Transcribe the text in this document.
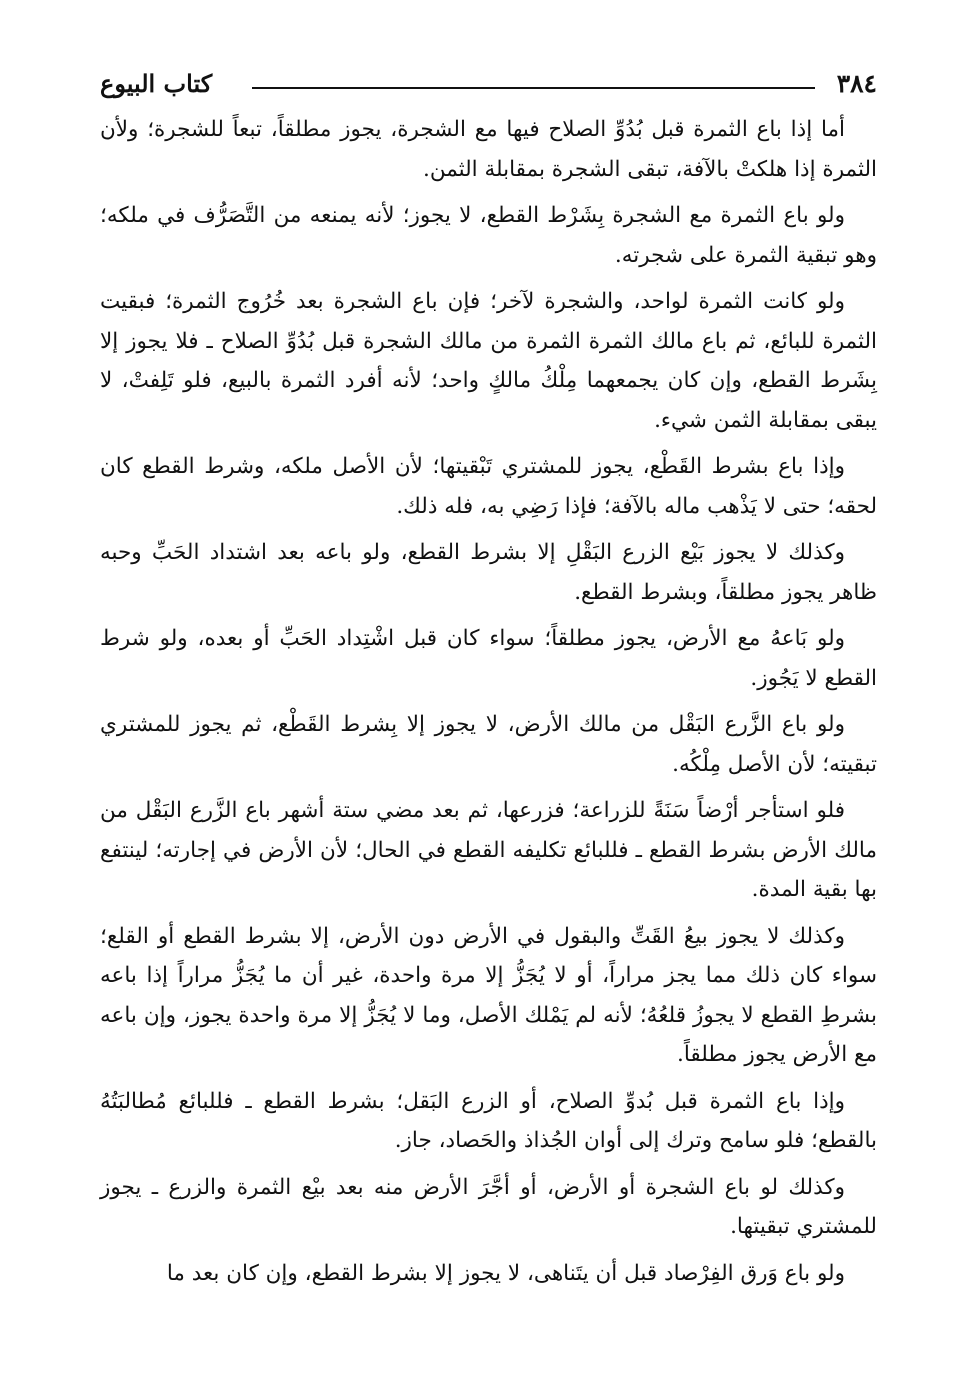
٣٨٤
كتاب البيوع

أما إذا باع الثمرة قبل بُدُوِّ الصلاح فيها مع الشجرة، يجوز مطلقاً، تبعاً للشجرة؛ ولأن الثمرة إذا هلكتْ بالآفة، تبقى الشجرة بمقابلة الثمن.

ولو باع الثمرة مع الشجرة بِشَرْط القطع، لا يجوز؛ لأنه يمنعه من التَّصَرُّف في ملكه؛ وهو تبقية الثمرة على شجرته.

ولو كانت الثمرة لواحد، والشجرة لآخر؛ فإن باع الشجرة بعد خُرُوج الثمرة؛ فبقيت الثمرة للبائع، ثم باع مالك الثمرة الثمرة من مالك الشجرة قبل بُدُوِّ الصلاح ـ فلا يجوز إلا بِشَرط القطع، وإن كان يجمعهما مِلْكُ مالكٍ واحد؛ لأنه أفرد الثمرة بالبيع، فلو تَلِفتْ، لا يبقى بمقابلة الثمن شيء.

وإذا باع بشرط القَطْع، يجوز للمشتري تَبْقيتها؛ لأن الأصل ملكه، وشرط القطع كان لحقه؛ حتى لا يَذْهب ماله بالآفة؛ فإذا رَضِي به، فله ذلك.

وكذلك لا يجوز بَيْع الزرع البَقْلِ إلا بشرط القطع، ولو باعه بعد اشتداد الحَبِّ وحبه ظاهر يجوز مطلقاً، وبشرط القطع.

ولو بَاعهُ مع الأرض، يجوز مطلقاً؛ سواء كان قبل اشْتِداد الحَبِّ أو بعده، ولو شرط القطع لا يَجُوز.

ولو باع الزَّرع البَقْل من مالك الأرض، لا يجوز إلا بِشرط القَطْع، ثم يجوز للمشتري تبقيته؛ لأن الأصل مِلْكُه.

فلو استأجر أرْضاً سَنَةً للزراعة؛ فزرعها، ثم بعد مضي ستة أشهر باع الزَّرع البَقْل من مالك الأرض بشرط القطع ـ فللبائع تكليفه القطع في الحال؛ لأن الأرض في إجارته؛ لينتفع بها بقية المدة.

وكذلك لا يجوز بيعُ القَتِّ والبقول في الأرض دون الأرض، إلا بشرط القطع أو القلع؛ سواء كان ذلك مما يجز مراراً، أو لا يُجَزُّ إلا مرة واحدة، غير أن ما يُجَزُّ مراراً إذا باعه بشرطِ القطع لا يجوزُ قلعُهُ؛ لأنه لم يَمْلك الأصل، وما لا يُجَزُّ إلا مرة واحدة يجوز، وإن باعه مع الأرض يجوز مطلقاً.

وإذا باع الثمرة قبل بُدوِّ الصلاح، أو الزرع البَقل؛ بشرط القطع ـ فللبائع مُطالبَتُهُ بالقطع؛ فلو سامح وترك إلى أوان الجُذاذ والحَصاد، جاز.

وكذلك لو باع الشجرة أو الأرض، أو أجَّرَ الأرض منه بعد بيْع الثمرة والزرع ـ يجوز للمشتري تبقيتها.

ولو باع وَرق الفِرْصاد قبل أن يتَناهى، لا يجوز إلا بشرط القطع، وإن كان بعد ما
